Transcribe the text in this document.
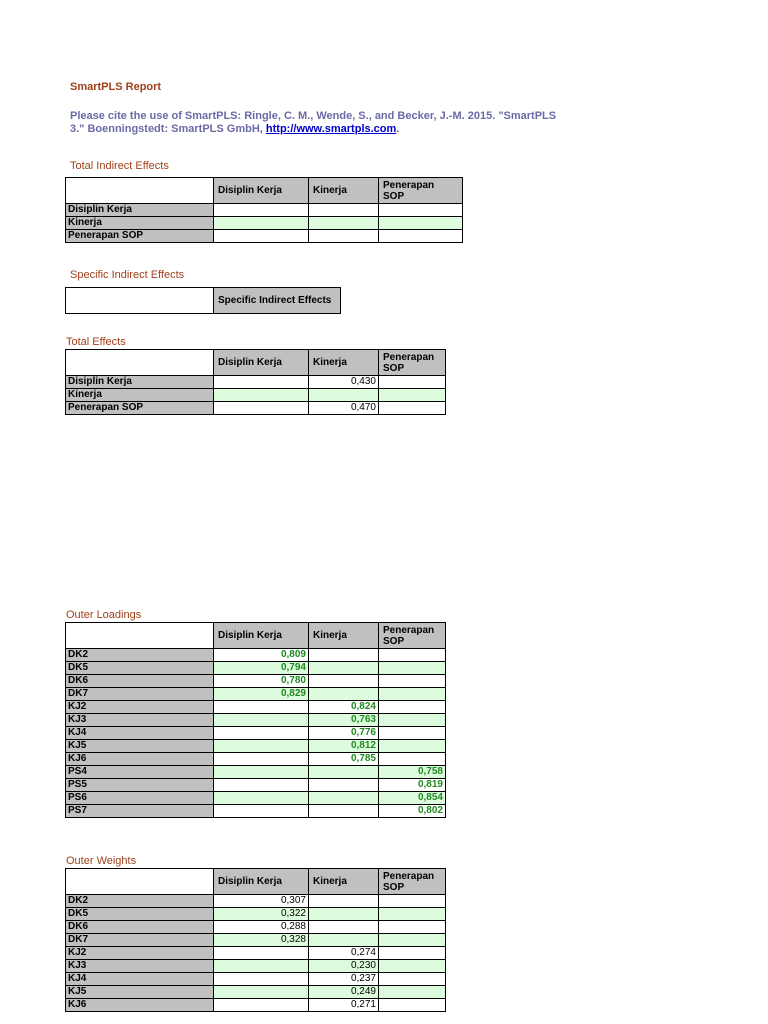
SmartPLS Report
Please cite the use of SmartPLS: Ringle, C. M., Wende, S., and Becker, J.-M. 2015. "SmartPLS 3." Boenningstedt: SmartPLS GmbH, http://www.smartpls.com.
Total Indirect Effects
	Disiplin Kerja	Kinerja	Penerapan SOP
Disiplin Kerja			
Kinerja			
Penerapan SOP			
Specific Indirect Effects
	Specific Indirect Effects
Total Effects
	Disiplin Kerja	Kinerja	Penerapan SOP
Disiplin Kerja		0,430	
Kinerja			
Penerapan SOP		0,470	
Outer Loadings
	Disiplin Kerja	Kinerja	Penerapan SOP
DK2	0,809		
DK5	0,794		
DK6	0,780		
DK7	0,829		
KJ2		0,824	
KJ3		0,763	
KJ4		0,776	
KJ5		0,812	
KJ6		0,785	
PS4			0,758
PS5			0,819
PS6			0,854
PS7			0,802
Outer Weights
	Disiplin Kerja	Kinerja	Penerapan SOP
DK2	0,307		
DK5	0,322		
DK6	0,288		
DK7	0,328		
KJ2		0,274	
KJ3		0,230	
KJ4		0,237	
KJ5		0,249	
KJ6		0,271	
